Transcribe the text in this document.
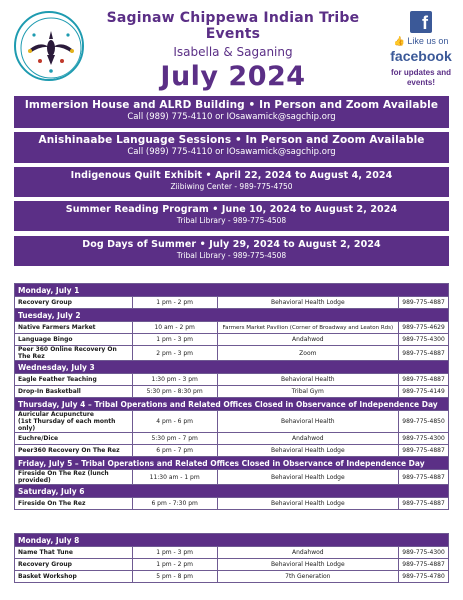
Saginaw Chippewa Indian Tribe Events
Isabella & Saganing
July 2024
f
👍 Like us on
facebook
for updates and events!
Immersion House and ALRD Building • In Person and Zoom Available
Call (989) 775-4110 or IOsawamick@sagchip.org
Anishinaabe Language Sessions • In Person and Zoom Available
Call (989) 775-4110 or IOsawamick@sagchip.org
Indigenous Quilt Exhibit • April 22, 2024 to August 4, 2024
Ziibiwing Center - 989-775-4750
Summer Reading Program • June 10, 2024 to August 2, 2024
Tribal Library - 989-775-4508
Dog Days of Summer • July 29, 2024 to August 2, 2024
Tribal Library - 989-775-4508
Monday, July 1			
Recovery Group	1 pm - 2 pm	Behavioral Health Lodge	989-775-4887
Tuesday, July 2			
Native Farmers Market	10 am - 2 pm	Farmers Market Pavilion (Corner of Broadway and Leaton Rds)	989-775-4629
Language Bingo	1 pm - 3 pm	Andahwod	989-775-4300
Peer 360 Online Recovery On The Rez	2 pm - 3 pm	Zoom	989-775-4887
Wednesday, July 3			
Eagle Feather Teaching	1:30 pm - 3 pm	Behavioral Health	989-775-4887
Drop-In Basketball	5:30 pm - 8:30 pm	Tribal Gym	989-775-4149
Thursday, July 4 – Tribal Operations and Related Offices Closed in Observance of Independence Day			

Auricular Acupuncture
(1st Thursday of each month only)	4 pm - 6 pm	Behavioral Health	989-775-4850
Euchre/Dice	5:30 pm - 7 pm	Andahwod	989-775-4300
Peer360 Recovery On The Rez	6 pm - 7 pm	Behavioral Health Lodge	989-775-4887
Friday, July 5 – Tribal Operations and Related Offices Closed in Observance of Independence Day			
Fireside On The Rez (lunch provided)	11:30 am - 1 pm	Behavioral Health Lodge	989-775-4887
Saturday, July 6			
Fireside On The Rez	6 pm - 7:30 pm	Behavioral Health Lodge	989-775-4887
Monday, July 8			
Name That Tune	1 pm - 3 pm	Andahwod	989-775-4300
Recovery Group	1 pm - 2 pm	Behavioral Health Lodge	989-775-4887
Basket Workshop	5 pm - 8 pm	7th Generation	989-775-4780
